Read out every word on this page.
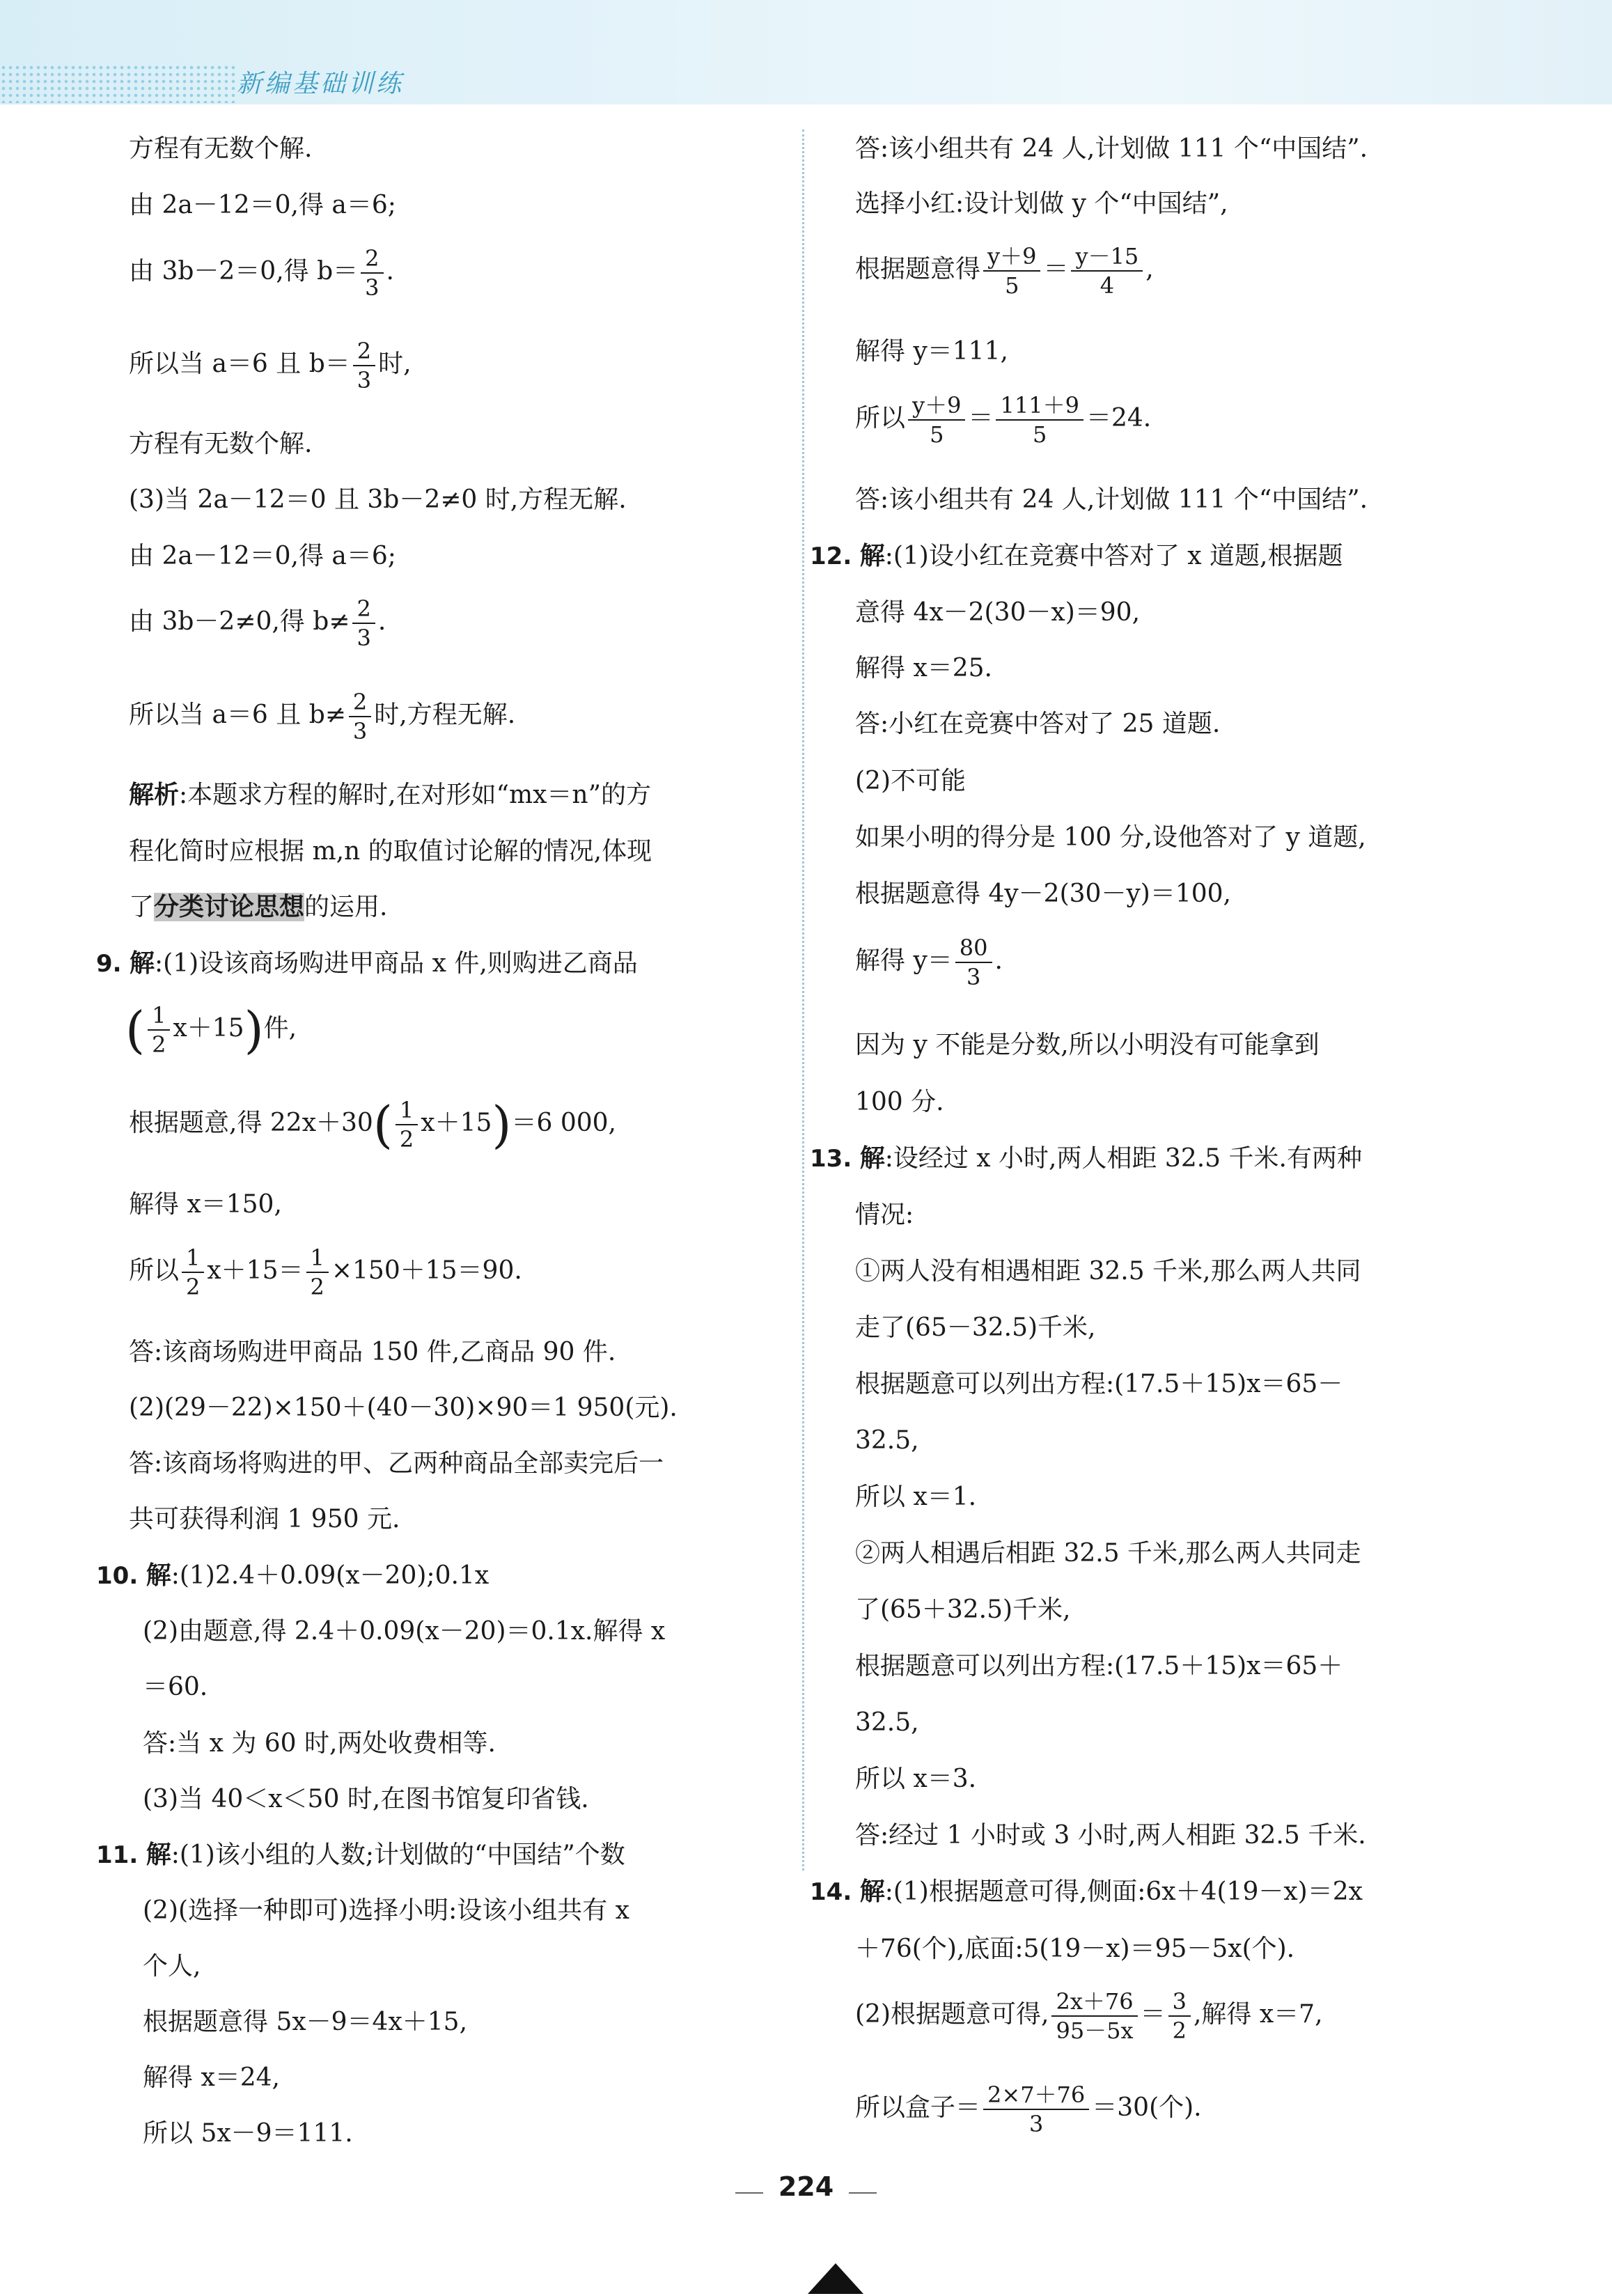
新编基础训练
方程有无数个解.
由 2a－12＝0,得 a＝6;
由 3b－2＝0,得 $b= \frac{2}{3}$ .
所以当 a＝6 且 $b= \frac{2}{3}$ 时,
方程有无数个解.
(3)当 2a－12＝0 且 3b－2≠0 时,方程无解.
由 2a－12＝0,得 a＝6;
由 3b－2≠0,得 $b\ne \frac{2}{3}$ .
所以当 a＝6 且 $b\ne \frac{2}{3}$ 时,方程无解.
解析:本题求方程的解时,在对形如“mx＝n”的方
程化简时应根据 m,n 的取值讨论解的情况,体现
了分类讨论思想的运用.
9. 解:(1)设该商场购进甲商品 x 件,则购进乙商品
( $\frac{1}{2} x+15$)件,
根据题意,得 $22x+30( \frac{1}{2} x+15)=6$ 000,
解得 x＝150,
所以 $\frac{1}{2} x+15= \frac{1}{2} \times 150+15=90$.
答:该商场购进甲商品 150 件,乙商品 90 件.
(2)(29－22)×150＋(40－30)×90＝1 950(元).
答:该商场将购进的甲、乙两种商品全部卖完后一
共可获得利润 1 950 元.
10. 解:(1)2.4＋0.09(x－20);0.1x
(2)由题意,得 2.4＋0.09(x－20)＝0.1x.解得 x
＝60.
答:当 x 为 60 时,两处收费相等.
(3)当 40＜x＜50 时,在图书馆复印省钱.
11. 解:(1)该小组的人数;计划做的“中国结”个数
(2)(选择一种即可)选择小明:设该小组共有 x
个人,
根据题意得 5x－9＝4x＋15,
解得 x＝24,
所以 5x－9＝111.
答:该小组共有 24 人,计划做 111 个“中国结”.
选择小红:设计划做 y 个“中国结”,
根据题意得 $\frac{y+9}{5} = \frac{y-15}{4}$ ,
解得 y＝111,
所以 $\frac{y+9}{5} = \frac{111+9}{5} =24$.
答:该小组共有 24 人,计划做 111 个“中国结”.
12. 解:(1)设小红在竞赛中答对了 x 道题,根据题
意得 4x－2(30－x)＝90,
解得 x＝25.
答:小红在竞赛中答对了 25 道题.
(2)不可能
如果小明的得分是 100 分,设他答对了 y 道题,
根据题意得 4y－2(30－y)＝100,
解得 $y= \frac{80}{3}$ .
因为 y 不能是分数,所以小明没有可能拿到
100 分.
13. 解:设经过 x 小时,两人相距 32.5 千米.有两种
情况:
①两人没有相遇相距 32.5 千米,那么两人共同
走了(65－32.5)千米,
根据题意可以列出方程:(17.5＋15)x＝65－
32.5,
所以 x＝1.
②两人相遇后相距 32.5 千米,那么两人共同走
了(65＋32.5)千米,
根据题意可以列出方程:(17.5＋15)x＝65＋
32.5,
所以 x＝3.
答:经过 1 小时或 3 小时,两人相距 32.5 千米.
14. 解:(1)根据题意可得,侧面:6x＋4(19－x)＝2x
＋76(个),底面:5(19－x)＝95－5x(个).
(2)根据题意可得, $\frac{2x+76}{95-5x} = \frac{3}{2}$ ,解得 x＝7,
所以盒子＝ $\frac{2\times 7+76}{3} =30$(个).
224
